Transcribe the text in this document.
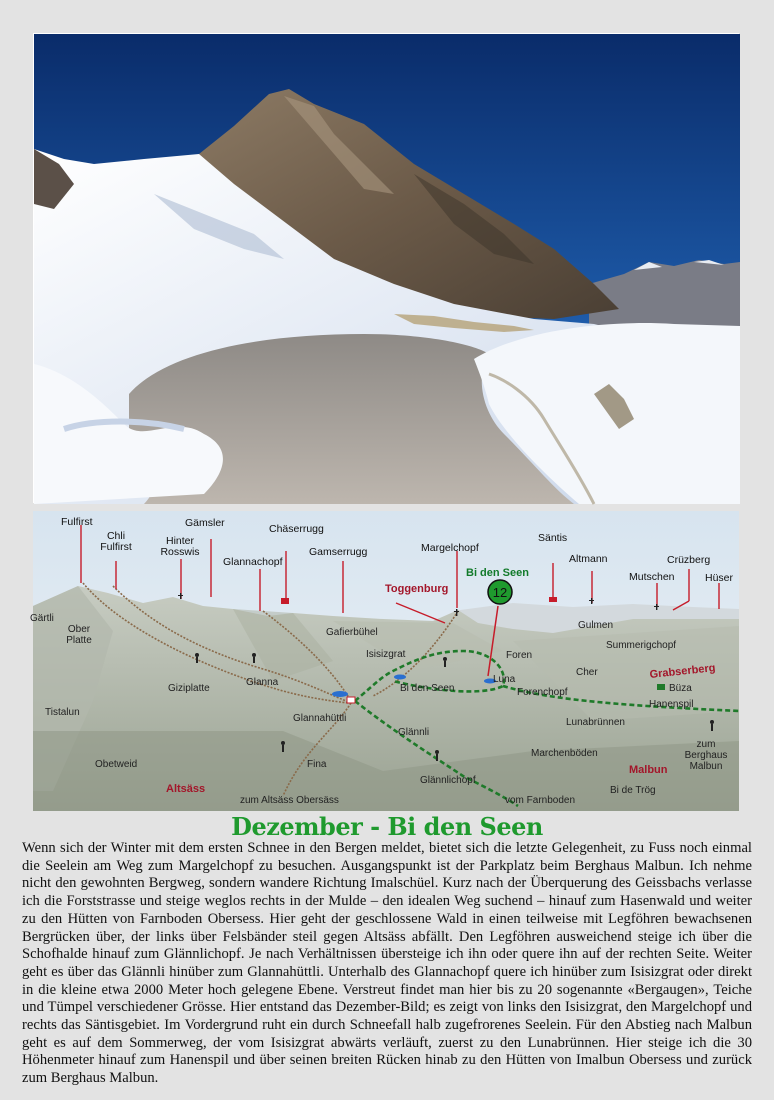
12
Fulfirst	Gämsler	Chäserrugg
Gamserrugg
Glannachopf
Margelchopf
Säntis
Altmann
Mutschen
Crüzberg
Hüser
Chli Fulfirst	Hinter Rosswis
Toggenburg
Grabserberg
Malbun
Altsäss
Bi den Seen
Gärtli
Tistalun
Giziplatte
Glanna
Obetweid
Gafierbühel
Isisizgrat
Bi den Seen
Glannahüttli
Glännli
Fina
Glännlichopf
Foren
Luna
Forenchopf
Cher
Gulmen
Summerigchopf
Büza
Hanenspil
Lunabrünnen
Marchenböden
Bi de Trög
zum Altsäss Obersäss	vom Farnboden
Ober Platte
zum Berghaus Malbun
Dezember - Bi den Seen
Wenn sich der Winter mit dem ersten Schnee in den Bergen meldet, bietet sich die letzte Gelegenheit, zu Fuss noch einmal die Seelein am Weg zum Margelchopf zu besuchen. Ausgangspunkt ist der Parkplatz beim Berghaus Malbun. Ich nehme nicht den gewohnten Bergweg, sondern wandere Richtung Imalschüel. Kurz nach der Überquerung des Geissbachs verlasse ich die Forststrasse und steige weglos rechts in der Mulde – den idealen Weg suchend – hinauf zum Hasenwald und weiter zu den Hütten von Farnboden Obersess. Hier geht der geschlossene Wald in einen teilweise mit Legföhren bewachsenen Bergrücken über, der links über Felsbänder steil gegen Altsäss abfällt. Den Legföhren ausweichend steige ich über die Schofhalde hinauf zum Glännlichopf. Je nach Verhältnissen übersteige ich ihn oder quere ihn auf der rechten Seite. Weiter geht es über das Glännli hinüber zum Glannahüttli. Unterhalb des Glannachopf quere ich hinüber zum Isisizgrat oder direkt in die kleine etwa 2000 Meter hoch gelegene Ebene. Verstreut findet man hier bis zu 20 sogenannte «Bergaugen», Teiche und Tümpel verschiedener Grösse. Hier entstand das Dezember-Bild; es zeigt von links den Isisizgrat, den Margelchopf und rechts das Säntisgebiet. Im Vordergrund ruht ein durch Schneefall halb zugefrorenes Seelein. Für den Abstieg nach Malbun geht es auf dem Sommerweg, der vom Isisizgrat abwärts verläuft, zuerst zu den Lunabrünnen. Hier steige ich die 30 Höhenmeter hinauf zum Hanenspil und über seinen breiten Rücken hinab zu den Hütten von Imalbun Obersess und zurück zum Berghaus Malbun.
